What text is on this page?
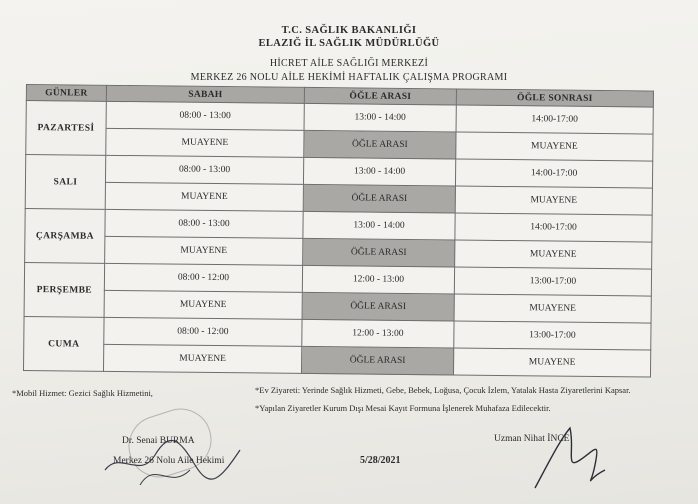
T.C. SAĞLIK BAKANLIĞI
ELAZIĞ İL SAĞLIK MÜDÜRLÜĞÜ
HİCRET AİLE SAĞLIĞI MERKEZİ
MERKEZ 26 NOLU AİLE HEKİMİ HAFTALIK ÇALIŞMA PROGRAMI
GÜNLER	SABAH	ÖĞLE ARASI	ÖĞLE SONRASI
PAZARTESİ	08:00 - 13:00	13:00 - 14:00	14:00-17:00
	MUAYENE	ÖĞLE ARASI	MUAYENE
SALI	08:00 - 13:00	13:00 - 14:00	14:00-17:00
	MUAYENE	ÖĞLE ARASI	MUAYENE
ÇARŞAMBA	08:00 - 13:00	13:00 - 14:00	14:00-17:00
	MUAYENE	ÖĞLE ARASI	MUAYENE
PERŞEMBE	08:00 - 12:00	12:00 - 13:00	13:00-17:00
	MUAYENE	ÖĞLE ARASI	MUAYENE
CUMA	08:00 - 12:00	12:00 - 13:00	13:00-17:00
	MUAYENE	ÖĞLE ARASI	MUAYENE
*Mobil Hizmet: Gezici Sağlık Hizmetini,	*Ev Ziyareti: Yerinde Sağlık Hizmeti, Gebe, Bebek, Loğusa, Çocuk İzlem, Yatalak Hasta Ziyaretlerini Kapsar.
*Yapılan Ziyaretler Kurum Dışı Mesai Kayıt Formuna İşlenerek Muhafaza Edilecektir.
Dr. Senai BURMA
Merkez 26 Nolu Aile Hekimi	5/28/2021
Uzman Nihat İNCE
